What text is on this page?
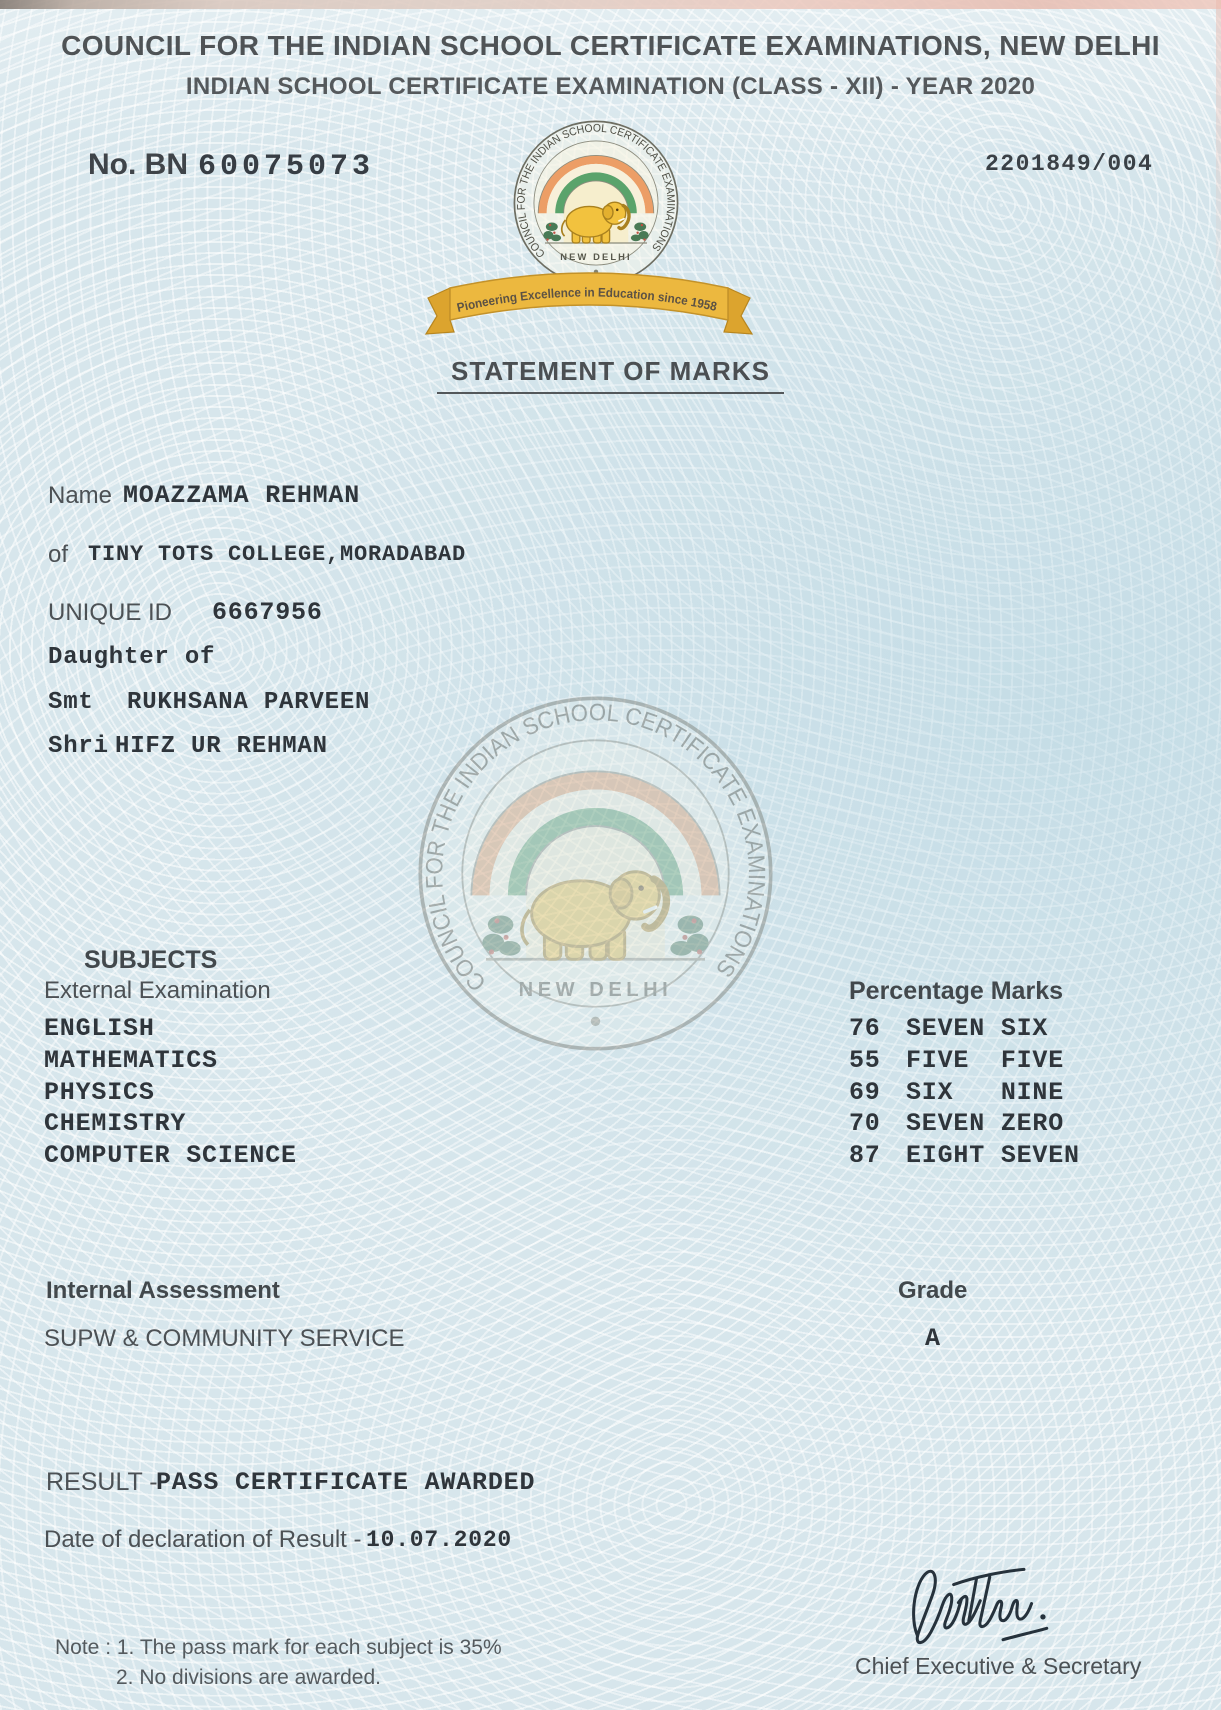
COUNCIL FOR THE INDIAN SCHOOL CERTIFICATE EXAMINATIONS, NEW DELHI
INDIAN SCHOOL CERTIFICATE EXAMINATION (CLASS - XII) - YEAR 2020
No. BN 60075073	2201849/004
Pioneering Excellence in Education since 1958
STATEMENT OF MARKS
Name MOAZZAMA REHMAN
of TINY TOTS COLLEGE,MORADABAD
UNIQUE ID 6667956
Daughter of
Smt RUKHSANA PARVEEN
Shri HIFZ UR REHMAN
SUBJECTS
External Examination	Percentage Marks
ENGLISH	76 SEVEN SIX
MATHEMATICS	55 FIVE  FIVE
PHYSICS	69 SIX   NINE
CHEMISTRY	70 SEVEN ZERO
COMPUTER SCIENCE	87 EIGHT SEVEN
Internal Assessment	Grade
SUPW & COMMUNITY SERVICE	A
RESULT -
PASS CERTIFICATE AWARDED
Date of declaration of Result - 10.07.2020
Chief Executive & Secretary
Note : 1. The pass mark for each subject is 35%
2. No divisions are awarded.
